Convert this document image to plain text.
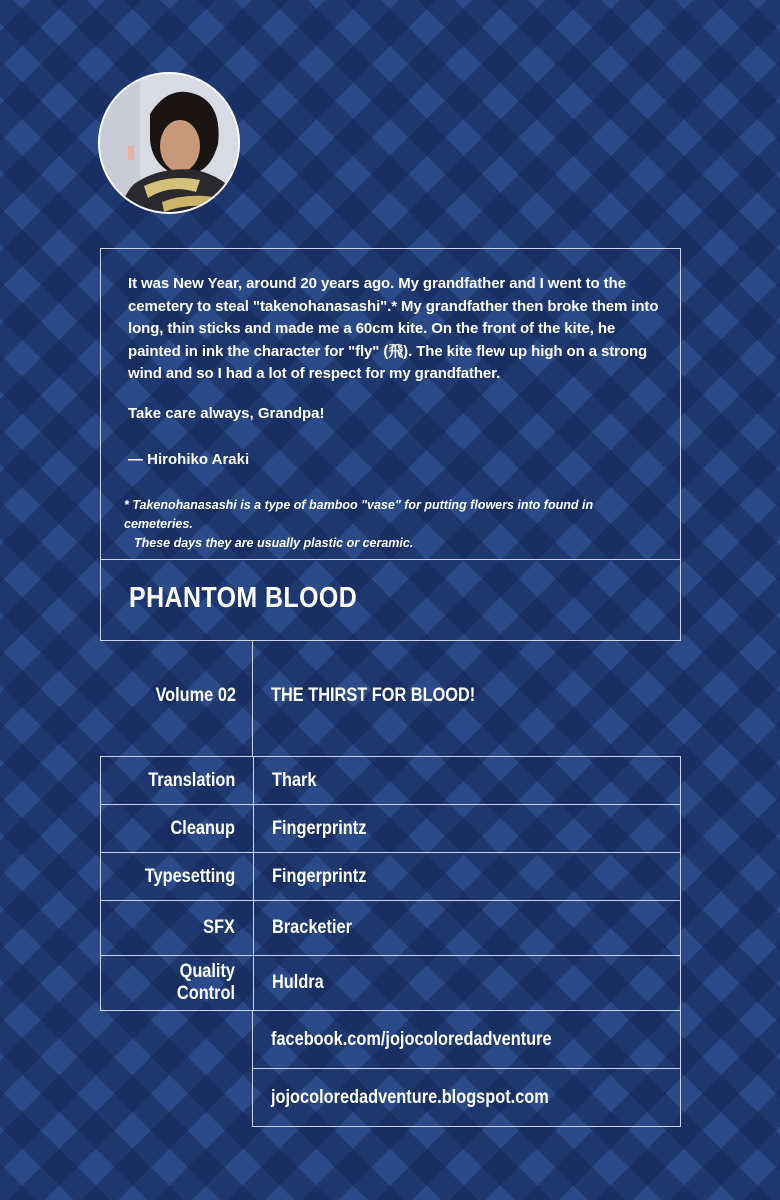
It was New Year, around 20 years ago. My grandfather and I went to the cemetery to steal "takenohanasashi".* My grandfather then broke them into long, thin sticks and made me a 60cm kite. On the front of the kite, he painted in ink the character for "fly" (飛). The kite flew up high on a strong wind and so I had a lot of respect for my grandfather.
Take care always, Grandpa!
— Hirohiko Araki
* Takenohanasashi is a type of bamboo "vase" for putting flowers into found in cemeteries.
These days they are usually plastic or ceramic.
PHANTOM BLOOD
Volume 02 THE THIRST FOR BLOOD!
Translation	Thark
Cleanup	Fingerprintz
Typesetting	Fingerprintz
SFX	Bracketier
Quality Control	Huldra
facebook.com/jojocoloredadventure
jojocoloredadventure.blogspot.com
